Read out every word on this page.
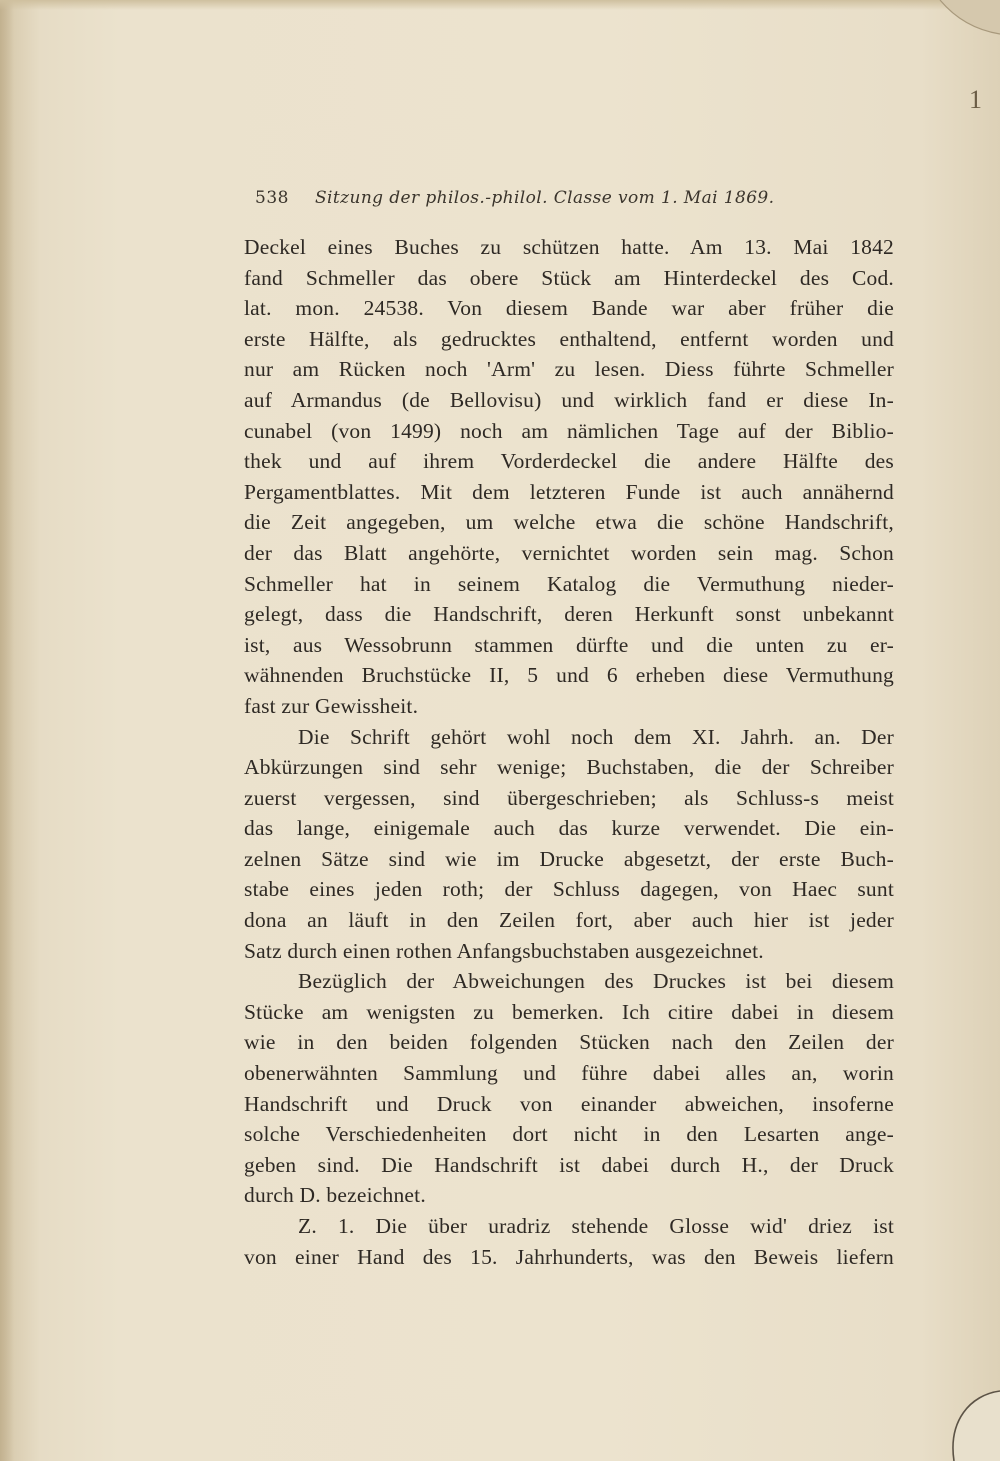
1
538 Sitzung der philos.-philol. Classe vom 1. Mai 1869.
Deckel eines Buches zu schützen hatte. Am 13. Mai 1842
fand Schmeller das obere Stück am Hinterdeckel des Cod.
lat. mon. 24538. Von diesem Bande war aber früher die
erste Hälfte, als gedrucktes enthaltend, entfernt worden und
nur am Rücken noch 'Arm' zu lesen. Diess führte Schmeller
auf Armandus (de Bellovisu) und wirklich fand er diese In-
cunabel (von 1499) noch am nämlichen Tage auf der Biblio-
thek und auf ihrem Vorderdeckel die andere Hälfte des
Pergamentblattes. Mit dem letzteren Funde ist auch annähernd
die Zeit angegeben, um welche etwa die schöne Handschrift,
der das Blatt angehörte, vernichtet worden sein mag. Schon
Schmeller hat in seinem Katalog die Vermuthung nieder-
gelegt, dass die Handschrift, deren Herkunft sonst unbekannt
ist, aus Wessobrunn stammen dürfte und die unten zu er-
wähnenden Bruchstücke II, 5 und 6 erheben diese Vermuthung
fast zur Gewissheit.
Die Schrift gehört wohl noch dem XI. Jahrh. an. Der
Abkürzungen sind sehr wenige; Buchstaben, die der Schreiber
zuerst vergessen, sind übergeschrieben; als Schluss-s meist
das lange, einigemale auch das kurze verwendet. Die ein-
zelnen Sätze sind wie im Drucke abgesetzt, der erste Buch-
stabe eines jeden roth; der Schluss dagegen, von Haec sunt
dona an läuft in den Zeilen fort, aber auch hier ist jeder
Satz durch einen rothen Anfangsbuchstaben ausgezeichnet.
Bezüglich der Abweichungen des Druckes ist bei diesem
Stücke am wenigsten zu bemerken. Ich citire dabei in diesem
wie in den beiden folgenden Stücken nach den Zeilen der
obenerwähnten Sammlung und führe dabei alles an, worin
Handschrift und Druck von einander abweichen, insoferne
solche Verschiedenheiten dort nicht in den Lesarten ange-
geben sind. Die Handschrift ist dabei durch H., der Druck
durch D. bezeichnet.
Z. 1. Die über uradriz stehende Glosse wid' driez ist
von einer Hand des 15. Jahrhunderts, was den Beweis liefern
